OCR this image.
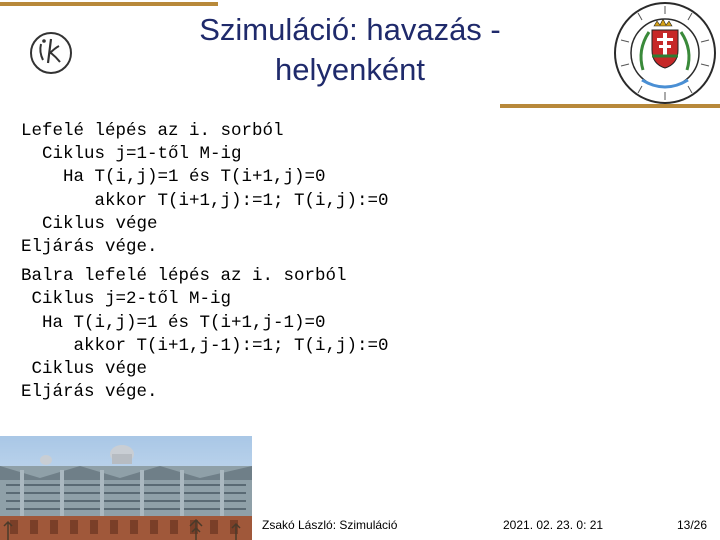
Szimuláció: havazás -
helyenként
Lefelé lépés az i. sorból
Ciklus j=1-től M-ig
Ha T(i,j)=1 és T(i+1,j)=0
akkor T(i+1,j):=1; T(i,j):=0
Ciklus vége
Eljárás vége.
Balra lefelé lépés az i. sorból
Ciklus j=2-től M-ig
Ha T(i,j)=1 és T(i+1,j-1)=0
akkor T(i+1,j-1):=1; T(i,j):=0
Ciklus vége
Eljárás vége.
Zsakó László: Szimuláció	2021. 02. 23. 0: 21	13/26
